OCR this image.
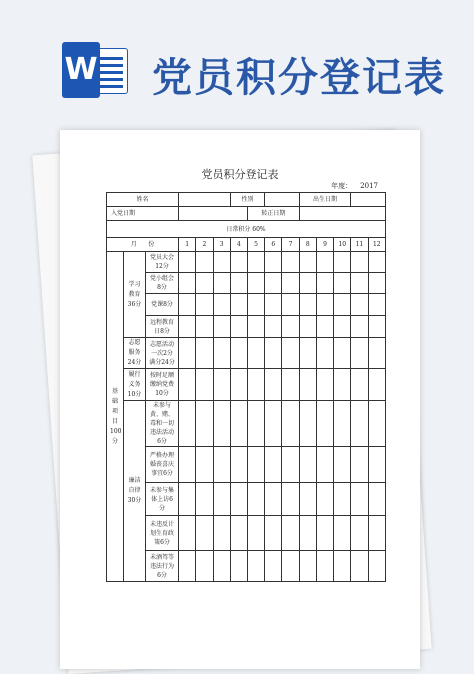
W 党员积分登记表
党员积分登记表
年度： 2017
姓名						性别				出生日期				
入党日期							转正日期							
日常积分 60%														
月 份			1	2	3	4	5	6	7	8	9	10	11	12
基础项目100分	学习教育36分	党员大会12分												
		党小组会8分												
		党课8分												
		远程教育日8分												
	志愿服务24分	志愿活动一次2分满分24分												
	履行义务10分	按时足额缴纳党费10分												
	廉洁自律30分	未参与黄、赌、毒和一切违法活动6分												
		严格办理婚丧喜庆事宜6分												
		未参与集体上访6分												
		未违反计划生育政策6分												
		未酒驾等违法行为6分												
